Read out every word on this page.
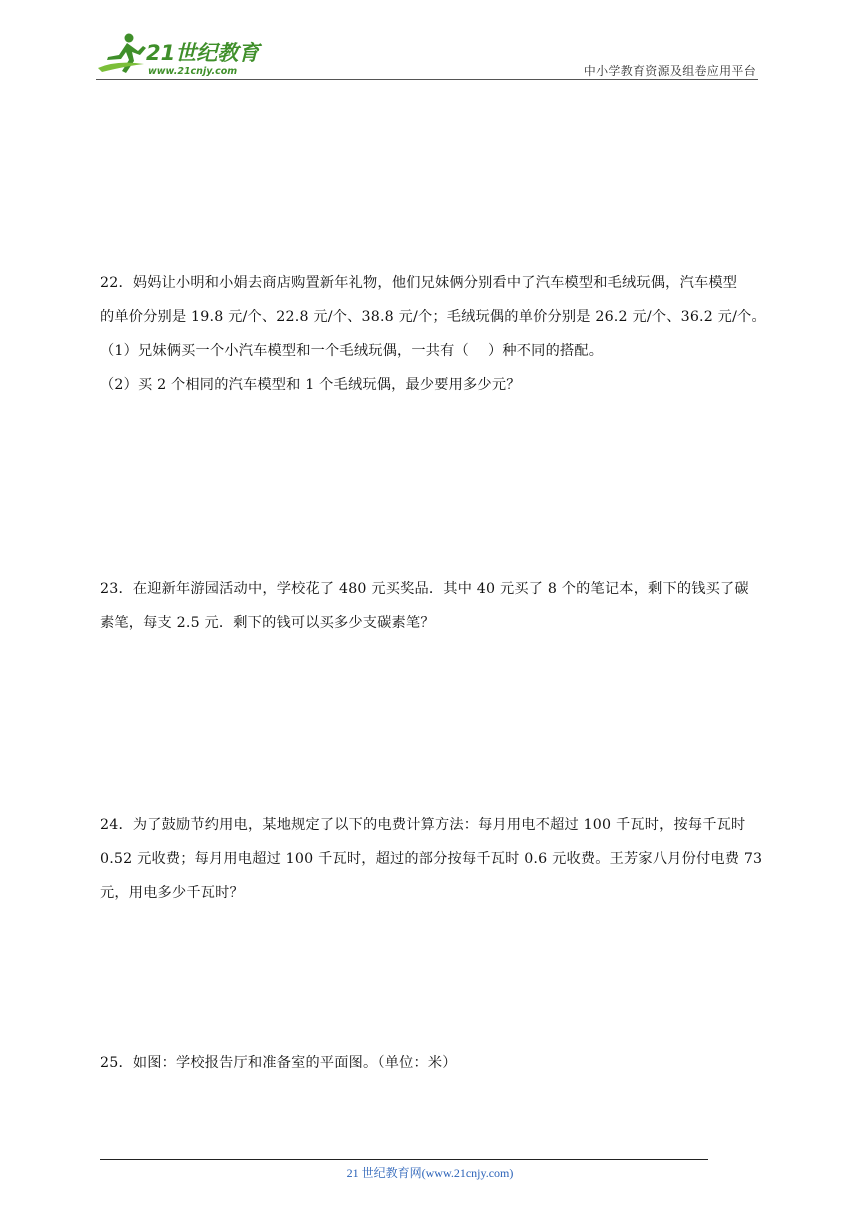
21世纪教育
www.21cnjy.com	中小学教育资源及组卷应用平台

22．妈妈让小明和小娟去商店购置新年礼物，他们兄妹俩分别看中了汽车模型和毛绒玩偶，汽车模型

的单价分别是 19.8 元/个、22.8 元/个、38.8 元/个；毛绒玩偶的单价分别是 26.2 元/个、36.2 元/个。

（1）兄妹俩买一个小汽车模型和一个毛绒玩偶，一共有（　 ）种不同的搭配。

（2）买 2 个相同的汽车模型和 1 个毛绒玩偶，最少要用多少元？

23．在迎新年游园活动中，学校花了 480 元买奖品．其中 40 元买了 8 个的笔记本，剩下的钱买了碳

素笔，每支 2.5 元．剩下的钱可以买多少支碳素笔？

24．为了鼓励节约用电，某地规定了以下的电费计算方法：每月用电不超过 100 千瓦时，按每千瓦时

0.52 元收费；每月用电超过 100 千瓦时，超过的部分按每千瓦时 0.6 元收费。王芳家八月份付电费 73

元，用电多少千瓦时？

25．如图：学校报告厅和准备室的平面图。（单位：米）

21 世纪教育网(www.21cnjy.com)
